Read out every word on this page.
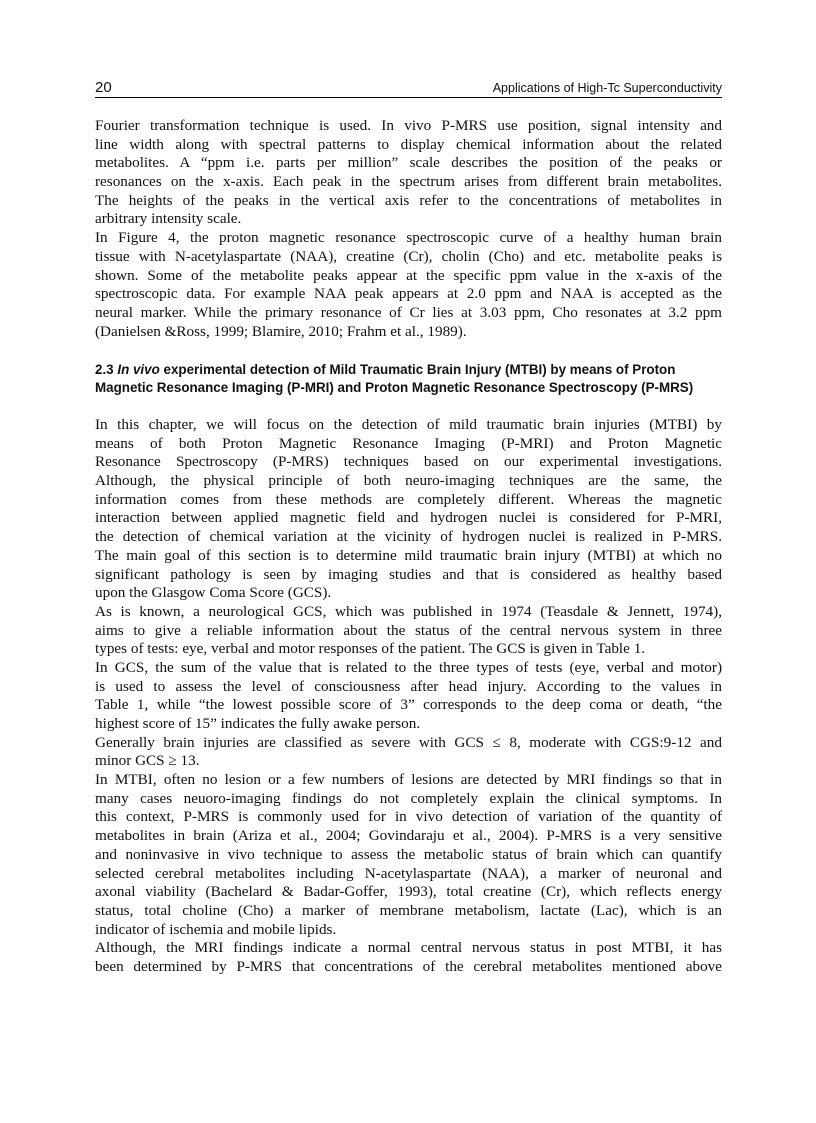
20	Applications of High-Tc Superconductivity
Fourier transformation technique is used. In vivo P-MRS use position, signal intensity and
line width along with spectral patterns to display chemical information about the related
metabolites. A “ppm i.e. parts per million” scale describes the position of the peaks or
resonances on the x-axis. Each peak in the spectrum arises from different brain metabolites.
The heights of the peaks in the vertical axis refer to the concentrations of metabolites in
arbitrary intensity scale.
In Figure 4, the proton magnetic resonance spectroscopic curve of a healthy human brain
tissue with N-acetylaspartate (NAA), creatine (Cr), cholin (Cho) and etc. metabolite peaks is
shown. Some of the metabolite peaks appear at the specific ppm value in the x-axis of the
spectroscopic data. For example NAA peak appears at 2.0 ppm and NAA is accepted as the
neural marker. While the primary resonance of Cr lies at 3.03 ppm, Cho resonates at 3.2 ppm
(Danielsen &Ross, 1999; Blamire, 2010; Frahm et al., 1989).
2.3 In vivo experimental detection of Mild Traumatic Brain Injury (MTBI) by means of Proton Magnetic Resonance Imaging (P-MRI) and Proton Magnetic Resonance Spectroscopy (P-MRS)
In this chapter, we will focus on the detection of mild traumatic brain injuries (MTBI) by
means of both Proton Magnetic Resonance Imaging (P-MRI) and Proton Magnetic
Resonance Spectroscopy (P-MRS) techniques based on our experimental investigations.
Although, the physical principle of both neuro-imaging techniques are the same, the
information comes from these methods are completely different. Whereas the magnetic
interaction between applied magnetic field and hydrogen nuclei is considered for P-MRI,
the detection of chemical variation at the vicinity of hydrogen nuclei is realized in P-MRS.
The main goal of this section is to determine mild traumatic brain injury (MTBI) at which no
significant pathology is seen by imaging studies and that is considered as healthy based
upon the Glasgow Coma Score (GCS).
As is known, a neurological GCS, which was published in 1974 (Teasdale & Jennett, 1974),
aims to give a reliable information about the status of the central nervous system in three
types of tests: eye, verbal and motor responses of the patient. The GCS is given in Table 1.
In GCS, the sum of the value that is related to the three types of tests (eye, verbal and motor)
is used to assess the level of consciousness after head injury. According to the values in
Table 1, while “the lowest possible score of 3” corresponds to the deep coma or death, “the
highest score of 15” indicates the fully awake person.
Generally brain injuries are classified as severe with GCS ≤ 8, moderate with CGS:9-12 and
minor GCS ≥ 13.
In MTBI, often no lesion or a few numbers of lesions are detected by MRI findings so that in
many cases neuoro-imaging findings do not completely explain the clinical symptoms. In
this context, P-MRS is commonly used for in vivo detection of variation of the quantity of
metabolites in brain (Ariza et al., 2004; Govindaraju et al., 2004). P-MRS is a very sensitive
and noninvasive in vivo technique to assess the metabolic status of brain which can quantify
selected cerebral metabolites including N-acetylaspartate (NAA), a marker of neuronal and
axonal viability (Bachelard & Badar-Goffer, 1993), total creatine (Cr), which reflects energy
status, total choline (Cho) a marker of membrane metabolism, lactate (Lac), which is an
indicator of ischemia and mobile lipids.
Although, the MRI findings indicate a normal central nervous status in post MTBI, it has
been determined by P-MRS that concentrations of the cerebral metabolites mentioned above
